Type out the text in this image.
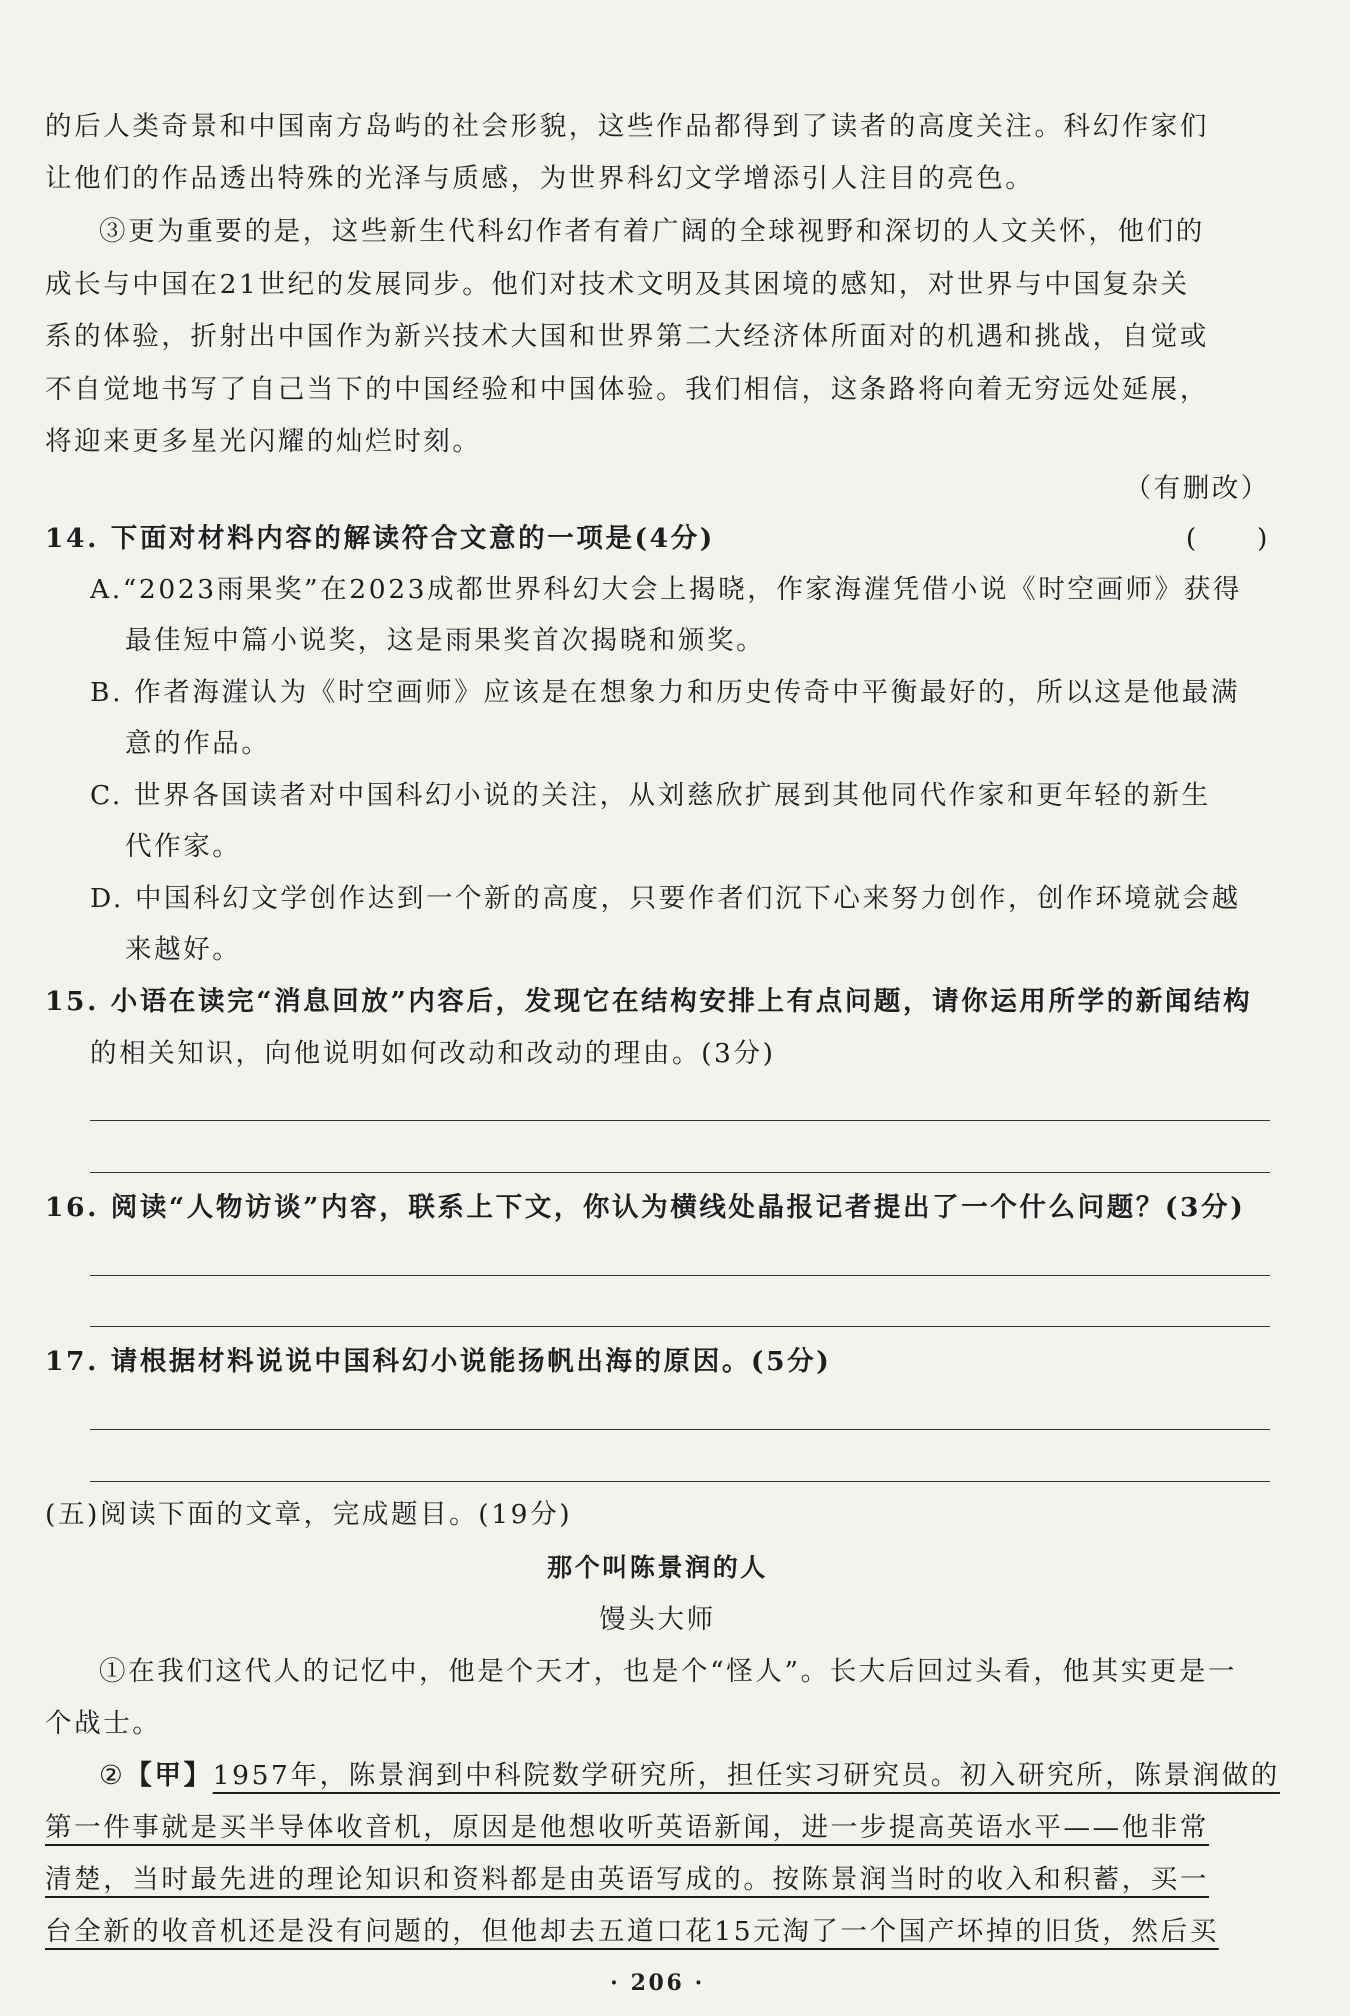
的后人类奇景和中国南方岛屿的社会形貌，这些作品都得到了读者的高度关注。科幻作家们
让他们的作品透出特殊的光泽与质感，为世界科幻文学增添引人注目的亮色。
③更为重要的是，这些新生代科幻作者有着广阔的全球视野和深切的人文关怀，他们的
成长与中国在21世纪的发展同步。他们对技术文明及其困境的感知，对世界与中国复杂关
系的体验，折射出中国作为新兴技术大国和世界第二大经济体所面对的机遇和挑战，自觉或
不自觉地书写了自己当下的中国经验和中国体验。我们相信，这条路将向着无穷远处延展，
将迎来更多星光闪耀的灿烂时刻。
（有删改）
14. 下面对材料内容的解读符合文意的一项是(4分)	(　　)
A.“2023雨果奖”在2023成都世界科幻大会上揭晓，作家海漄凭借小说《时空画师》获得
最佳短中篇小说奖，这是雨果奖首次揭晓和颁奖。
B. 作者海漄认为《时空画师》应该是在想象力和历史传奇中平衡最好的，所以这是他最满
意的作品。
C. 世界各国读者对中国科幻小说的关注，从刘慈欣扩展到其他同代作家和更年轻的新生
代作家。
D. 中国科幻文学创作达到一个新的高度，只要作者们沉下心来努力创作，创作环境就会越
来越好。
15. 小语在读完“消息回放”内容后，发现它在结构安排上有点问题，请你运用所学的新闻结构
的相关知识，向他说明如何改动和改动的理由。(3分)
16. 阅读“人物访谈”内容，联系上下文，你认为横线处晶报记者提出了一个什么问题？(3分)
17. 请根据材料说说中国科幻小说能扬帆出海的原因。(5分)
(五)阅读下面的文章，完成题目。(19分)
那个叫陈景润的人
馒头大师
①在我们这代人的记忆中，他是个天才，也是个“怪人”。长大后回过头看，他其实更是一
个战士。
②【甲】1957年，陈景润到中科院数学研究所，担任实习研究员。初入研究所，陈景润做的
第一件事就是买半导体收音机，原因是他想收听英语新闻，进一步提高英语水平——他非常
清楚，当时最先进的理论知识和资料都是由英语写成的。按陈景润当时的收入和积蓄，买一
台全新的收音机还是没有问题的，但他却去五道口花15元淘了一个国产坏掉的旧货，然后买
· 206 ·
